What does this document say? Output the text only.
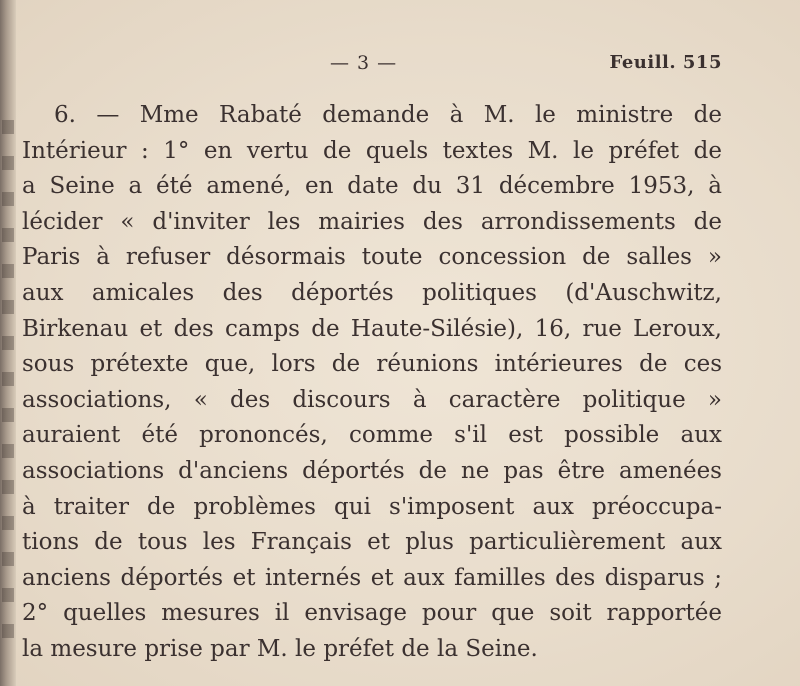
— 3 —	Feuill. 515
6. — Mme Rabaté demande à M. le ministre de
Intérieur : 1° en vertu de quels textes M. le préfet de
a Seine a été amené, en date du 31 décembre 1953, à
lécider « d'inviter les mairies des arrondissements de
Paris à refuser désormais toute concession de salles »
aux amicales des déportés politiques (d'Auschwitz,
Birkenau et des camps de Haute-Silésie), 16, rue Leroux,
sous prétexte que, lors de réunions intérieures de ces
associations, « des discours à caractère politique »
auraient été prononcés, comme s'il est possible aux
associations d'anciens déportés de ne pas être amenées
à traiter de problèmes qui s'imposent aux préoccupa-
tions de tous les Français et plus particulièrement aux
anciens déportés et internés et aux familles des disparus ;
2° quelles mesures il envisage pour que soit rapportée
la mesure prise par M. le préfet de la Seine.
